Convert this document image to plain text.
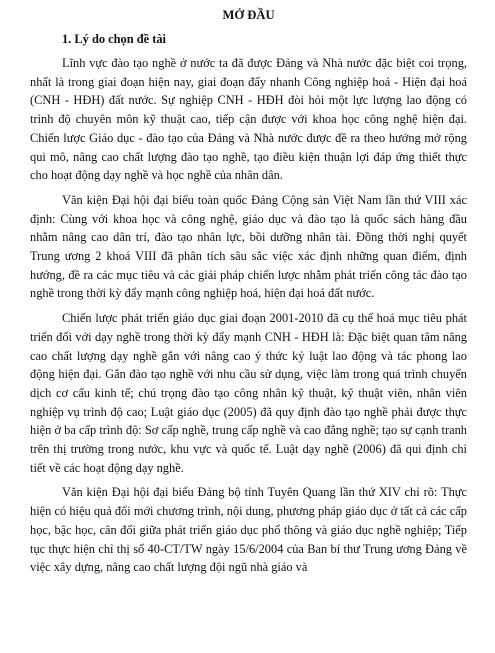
MỞ ĐẦU
1. Lý do chọn đề tài

Lĩnh vực đào tạo nghề ở nước ta đã được Đảng và Nhà nước đặc biệt coi trọng, nhất là trong giai đoạn hiện nay, giai đoạn đẩy nhanh Công nghiệp hoá - Hiện đại hoá (CNH - HĐH) đất nước. Sự nghiệp CNH - HĐH đòi hỏi một lực lượng lao động có trình độ chuyên môn kỹ thuật cao, tiếp cận được với khoa học công nghệ hiện đại. Chiến lược Giáo dục - đào tạo của Đảng và Nhà nước được đề ra theo hướng mở rộng qui mô, nâng cao chất lượng đào tạo nghề, tạo điều kiện thuận lợi đáp ứng thiết thực cho hoạt động dạy nghề và học nghề của nhân dân.

Văn kiện Đại hội đại biểu toàn quốc Đảng Cộng sản Việt Nam lần thứ VIII xác định: Cùng với khoa học và công nghệ, giáo dục và đào tạo là quốc sách hàng đầu nhằm nâng cao dân trí, đào tạo nhân lực, bồi dưỡng nhân tài. Đồng thời nghị quyết Trung ương 2 khoá VIII đã phân tích sâu sắc việc xác định những quan điểm, định hướng, đề ra các mục tiêu và các giải pháp chiến lược nhằm phát triển công tác đào tạo nghề trong thời kỳ đẩy mạnh công nghiệp hoá, hiện đại hoá đất nước.

Chiến lược phát triển giáo dục giai đoạn 2001-2010 đã cụ thể hoá mục tiêu phát triển đối với dạy nghề trong thời kỳ đẩy mạnh CNH - HĐH là: Đặc biệt quan tâm nâng cao chất lượng dạy nghề gắn với nâng cao ý thức kỷ luật lao động và tác phong lao động hiện đại. Gắn đào tạo nghề với nhu cầu sử dụng, việc làm trong quá trình chuyển dịch cơ cấu kinh tế; chú trọng đào tạo công nhân kỹ thuật, kỹ thuật viên, nhân viên nghiệp vụ trình độ cao; Luật giáo dục (2005) đã quy định đào tạo nghề phải được thực hiện ở ba cấp trình độ: Sơ cấp nghề, trung cấp nghề và cao đẳng nghề; tạo sự cạnh tranh trên thị trường trong nước, khu vực và quốc tế. Luật dạy nghề (2006) đã qui định chi tiết về các hoạt động dạy nghề.

Văn kiện Đại hội đại biểu Đảng bộ tỉnh Tuyên Quang lần thứ XIV chỉ rõ: Thực hiện có hiệu quả đổi mới chương trình, nội dung, phương pháp giáo dục ở tất cả các cấp học, bậc học, cân đối giữa phát triển giáo dục phổ thông và giáo dục nghề nghiệp; Tiếp tục thực hiện chỉ thị số 40-CT/TW ngày 15/6/2004 của Ban bí thư Trung ương Đảng về việc xây dựng, nâng cao chất lượng đội ngũ nhà giáo và
